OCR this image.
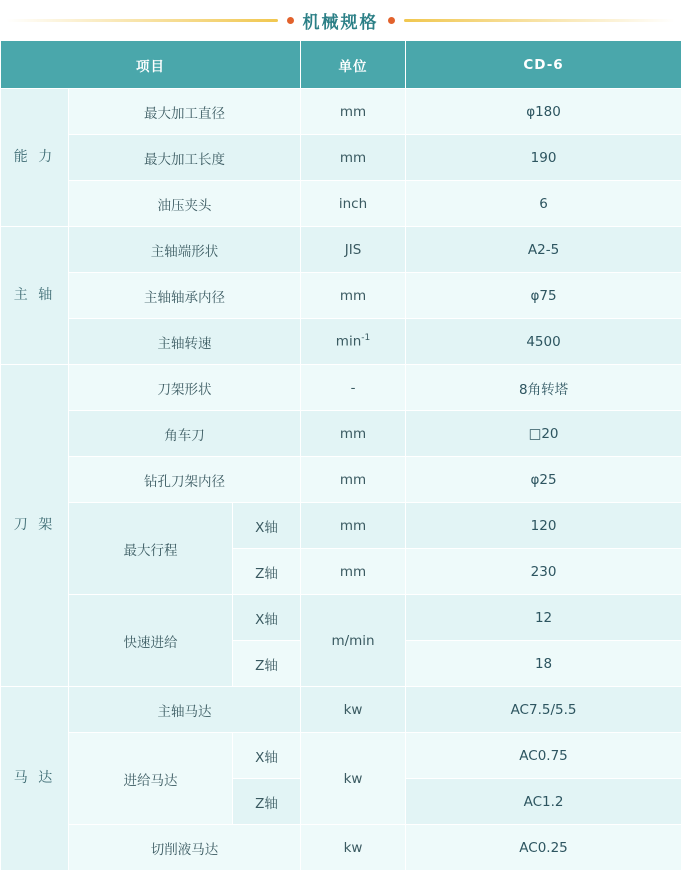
机械规格
项目			单位	CD-6
能 力	最大加工直径		mm	φ180
	最大加工长度		mm	190
	油压夹头		inch	6
主 轴	主轴端形状		JIS	A2-5
	主轴轴承内径		mm	φ75
	主轴转速		$\min^{-1}$	4500
刀 架	刀架形状		-	8角转塔
	角车刀		mm	□20
	钻孔刀架内径		mm	φ25
	最大行程	X轴	mm	120
		Z轴	mm	230
	快速进给	X轴	m/min	12
		Z轴		18
马 达	主轴马达		kw	AC7.5/5.5
	进给马达	X轴	kw	AC0.75
		Z轴		AC1.2
	切削液马达		kw	AC0.25
